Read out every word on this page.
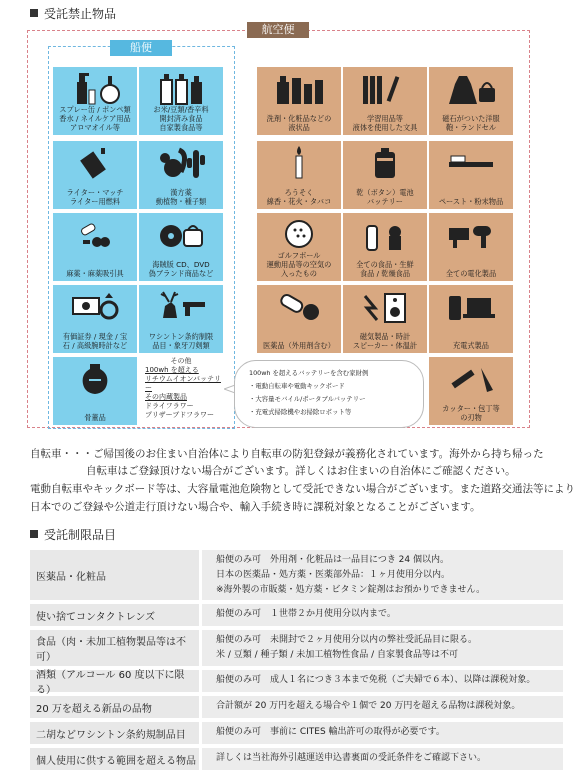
受託禁止物品
航空便
船便
スプレー缶 / ポンペ類
香水 / ネイルケア用品
アロマオイル等
お米/豆類/香辛料
開封済み食品
自家製食品等
ライター・マッチ
ライター用燃料
漢方薬
動植物・種子類
麻薬・麻薬吸引具
海賊版 CD、DVD
偽ブランド商品など
有価証券 / 現金 / 宝
石 / 高級腕時計など
ワシントン条約制限
品目・象牙刀剣類
骨董品
その他
100wh を超える
リチウムイオンバッテリー
その内蔵製品
ドライフラワー
プリザーブドフラワー
100wh を超えるバッテリーを含む家財例
・電動自転車や電動キックボード
・大容量モバイル/ポータブルバッテリー
・充電式掃除機やお掃除ロボット等
洗剤・化粧品などの
液状品
学習用品等
液体を使用した文具
磁石がついた洋服
鞄・ランドセル
ろうそく
線香・花火・タバコ
乾（ボタン）電池
バッテリー	ペースト・粉末物品
ゴルフボール
運動用品等の空気の
入ったもの
全ての食品・生鮮
食品 / 乾燥食品	全ての電化製品
医薬品（外用剤含む）
磁気製品・時計
スピーカー・体温計	充電式製品
カッター・包丁等
の刃物
自転車・・・ご帰国後のお住まい自治体により自転車の防犯登録が義務化されています。海外から持ち帰った
自転車はご登録頂けない場合がございます。詳しくはお住まいの自治体にご確認ください。
電動自転車やキックボード等は、大容量電池危険物として受託できない場合がございます。また道路交通法等により
日本でのご登録や公道走行頂けない場合や、輸入手続き時に課税対象となることがございます。
受託制限品目
医薬品・化粧品
船便のみ可　外用剤・化粧品は一品目につき 24 個以内。
日本の医薬品・処方薬・医薬部外品：１ヶ月使用分以内。
※海外製の市販薬・処方薬・ビタミン錠剤はお預かりできません。
使い捨てコンタクトレンズ	船便のみ可　１世帯２か月使用分以内まで。
食品（肉・未加工植物製品等は不可）
船便のみ可　未開封で２ヶ月使用分以内の弊社受託品目に限る。
米 / 豆類 / 種子類 / 未加工植物性食品 / 自家製食品等は不可
酒類（アルコール 60 度以下に限る）
船便のみ可　成人１名につき３本まで免税（ご夫婦で６本）、以降は課税対象。
20 万を超える新品の品物	合計額が 20 万円を超える場合や１個で 20 万円を超える品物は課税対象。
二胡などワシントン条約規制品目	船便のみ可　事前に CITES 輸出許可の取得が必要です。
個人使用に供する範囲を超える物品	詳しくは当社海外引越運送申込書裏面の受託条件をご確認下さい。
